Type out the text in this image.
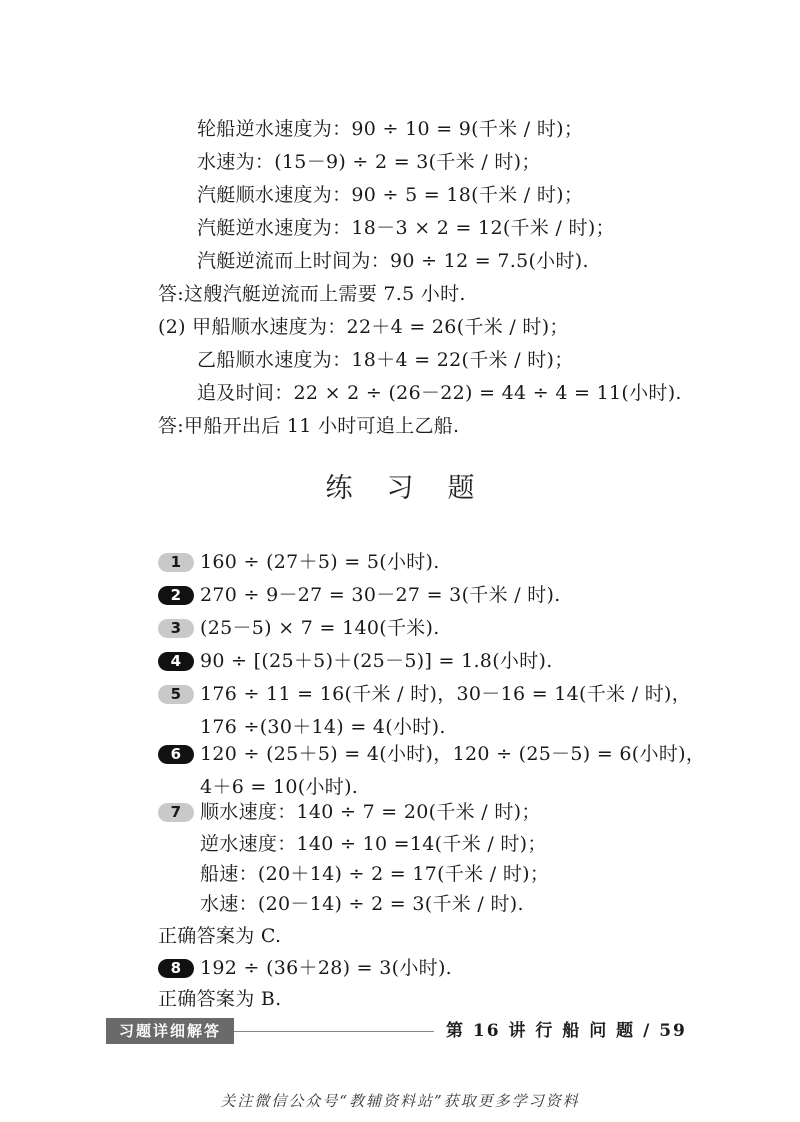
轮船逆水速度为：90 ÷ 10 = 9(千米 / 时)；
水速为：(15－9) ÷ 2 = 3(千米 / 时)；
汽艇顺水速度为：90 ÷ 5 = 18(千米 / 时)；
汽艇逆水速度为：18－3 × 2 = 12(千米 / 时)；
汽艇逆流而上时间为：90 ÷ 12 = 7.5(小时).
答:这艘汽艇逆流而上需要 7.5 小时.
(2) 甲船顺水速度为：22＋4 = 26(千米 / 时)；
乙船顺水速度为：18＋4 = 22(千米 / 时)；
追及时间：22 × 2 ÷ (26－22) = 44 ÷ 4 = 11(小时).
答:甲船开出后 11 小时可追上乙船.
练习题
1 160 ÷ (27＋5) = 5(小时).
2 270 ÷ 9－27 = 30－27 = 3(千米 / 时).
3 (25－5) × 7 = 140(千米).
4 90 ÷ [(25＋5)＋(25－5)] = 1.8(小时).
5 176 ÷ 11 = 16(千米 / 时)，30－16 = 14(千米 / 时)，
176 ÷(30＋14) = 4(小时).
6 120 ÷ (25＋5) = 4(小时)，120 ÷ (25－5) = 6(小时)，
4＋6 = 10(小时).
7 顺水速度：140 ÷ 7 = 20(千米 / 时)；
逆水速度：140 ÷ 10 =14(千米 / 时)；
船速：(20＋14) ÷ 2 = 17(千米 / 时)；
水速：(20－14) ÷ 2 = 3(千米 / 时).
正确答案为 C.
8 192 ÷ (36＋28) = 3(小时).
正确答案为 B.
习题详细解答	第 16 讲 行 船 问 题 / 59
关注微信公众号“教辅资料站”获取更多学习资料
